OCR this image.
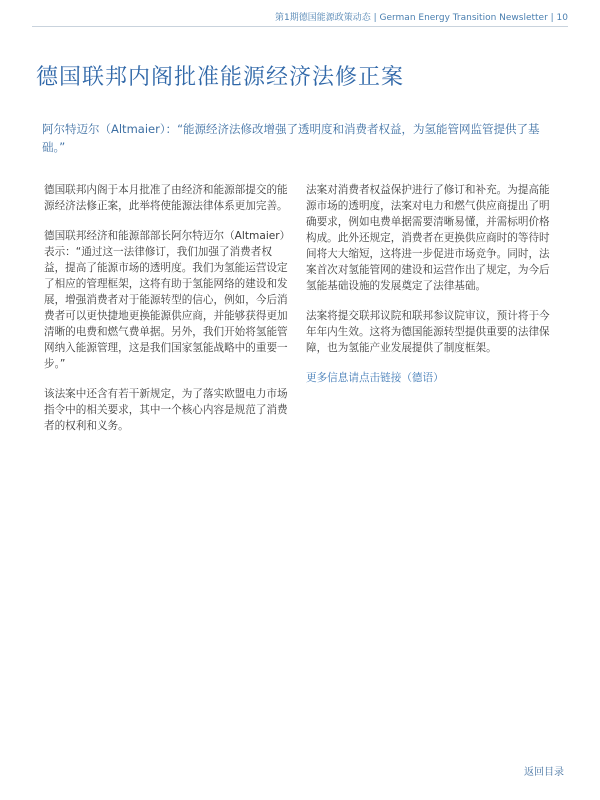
第1期德国能源政策动态 | German Energy Transition Newsletter | 10
德国联邦内阁批准能源经济法修正案
阿尔特迈尔（Altmaier）：“能源经济法修改增强了透明度和消费者权益，为氢能管网监管提供了基础。”

德国联邦内阁于本月批准了由经济和能源部提交的能源经济法修正案，此举将使能源法律体系更加完善。

德国联邦经济和能源部部长阿尔特迈尔（Altmaier）表示：“通过这一法律修订，我们加强了消费者权益，提高了能源市场的透明度。我们为氢能运营设定了相应的管理框架，这将有助于氢能网络的建设和发展，增强消费者对于能源转型的信心，例如，今后消费者可以更快捷地更换能源供应商，并能够获得更加清晰的电费和燃气费单据。另外，我们开始将氢能管网纳入能源管理，这是我们国家氢能战略中的重要一步。”

该法案中还含有若干新规定，为了落实欧盟电力市场指令中的相关要求，其中一个核心内容是规范了消费者的权利和义务。

法案对消费者权益保护进行了修订和补充。为提高能源市场的透明度，法案对电力和燃气供应商提出了明确要求，例如电费单据需要清晰易懂，并需标明价格构成。此外还规定，消费者在更换供应商时的等待时间将大大缩短，这将进一步促进市场竞争。同时，法案首次对氢能管网的建设和运营作出了规定，为今后氢能基础设施的发展奠定了法律基础。

法案将提交联邦议院和联邦参议院审议，预计将于今年年内生效。这将为德国能源转型提供重要的法律保障，也为氢能产业发展提供了制度框架。

更多信息请点击链接（德语）

返回目录
